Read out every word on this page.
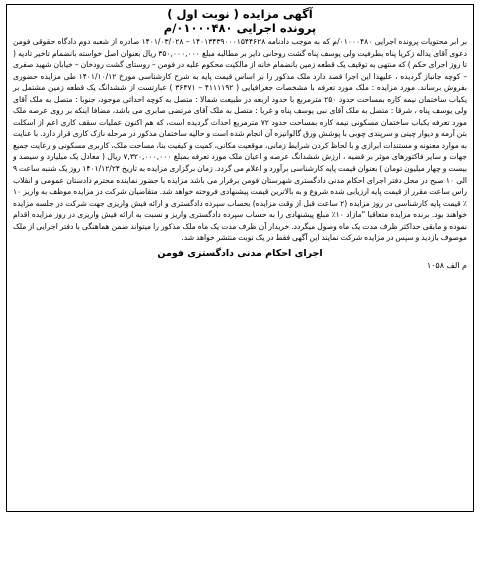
آگهی مزایده ( نوبت اول )
پرونده اجرایی ۰۱۰۰۰۴۸۰/م

بر ابر محتویات پرونده اجرایی ۰۱۰۰۰۴۸۰/م که به موجب دادنامه ۱۴۰۱۳۴۳۹۰۰۰۱۵۴۴۶۲۸ – ۱۴۰۱/۰۳/۰۲۸ صادره از شعبه دوم دادگاه حقوقی فومن دعوی آقای یداله زکریا پناه بطرفیت ولی یوسف پناه گشت روحانی دایر بر مطالبه مبلغ ۳۵۰,۰۰۰,۰۰۰ ریال بعنوان اصل خواسته بانضمام تاخیر تادیه ( تا روز اجرای حکم ) که منتهی به توقیف یک قطعه زمین بانضمام خانه از مالکیت محکوم علیه در فومن – روستای گشت رودخان – خیابان شهید صفری – کوچه جانباز گردیده ، علیهذا این اجرا قصد دارد ملک مذکور را بر اساس قیمت پایه به شرح کارشناسی مورخ ۱۴۰۱/۱۰/۱۲ طی مزایده حضوری بفروش برساند. مورد مزایده : ملک مورد تعرفه با مشخصات جغرافیایی ( ۴۱۱۱۱۹۲ – ۳۶۴۷۱ ) عبارتست از ششدانگ یک قطعه زمین مشتمل بر یکباب ساختمان نیمه کاره بمساحت حدود ۲۵۰ مترمربع با حدود اربعه در طبیعت شمالا : متصل به کوچه احداثی موجود، جنوبا : متصل به ملک آقای ولی یوسف پناه ، شرقا : متصل به ملک آقای نبی یوسف پناه و غربا : متصل به ملک آقای مرتضی صابری می باشد، مضافا اینکه بر روی عرصه ملک مورد تعرفه یکباب ساختمان مسکونی نیمه کاره بمساحت حدود ۷۲ مترمربع احداث گردیده است، که هم اکنون عملیات سقف کاری اعم از اسکلت بتن آرمه و دیوار چینی و سرپندی چوبی با پوشش ورق گالوانیزه آن انجام شده است و حالیه ساختمان مذکور در مرحله نازک کاری قرار دارد. با عنایت به موارد معنونه و مستندات ابرازی و با لحاظ کردن شرایط زمانی، موقعیت مکانی، کمیت و کیفیت بنا، مساحت ملک، کاربری مسکونی و رعایت جمیع جهات و سایر فاکتورهای موثر بر قضیه ، ارزش ششدانگ عرصه و اعیان ملک مورد تعرفه بمبلغ ۷,۳۲۰,۰۰۰,۰۰۰ ریال ( معادل یک میلیارد و سیصد و بیست و چهار میلیون تومان ) بعنوان قیمت پایه کارشناسی برآورد و اعلام می گردد. زمان برگزاری مزایده به تاریخ ۱۴۰۱/۱۲/۲۴ روز یک شنبه ساعت ۹ الی ۱۰ صبح در محل دفتر اجرای احکام مدنی دادگستری شهرستان فومن برقرار می باشد مزایده با حضور نماینده محترم دادستان عمومی و انقلاب راس ساعت مقرر از قیمت پایه ارزیابی شده شروع و به بالاترین قیمت پیشنهادی فروخته خواهد شد. متقاضیان شرکت در مزایده موظف به واریز ۱۰ ٪ قیمت پایه کارشناسی در روز مزایده (۲ ساعت قبل از وقت مزایده) بحساب سپرده دادگستری و ارائه فیش واریزی جهت شرکت در جلسه مزایده خواهند بود. برنده مزایده متعاقبا "مازاد ۱۰٪ مبلغ پیشنهادی را به حساب سپرده دادگستری واریز و نسبت به ارائه فیش واریزی در روز مزایده اقدام نموده و مابقی حداکثر ظرف مدت یک ماه وصول میگردد. خریدار آن ظرف مدت یک ماه ملک مذکور را میتواند ضمن هماهنگی با دفتر اجرایی از ملک موصوف بازدید و سپس در مزایده شرکت نمایند این آگهی فقط در یک نوبت منتشر خواهد شد.

اجرای احکام مدنی دادگستری فومن
م الف ۱۰۵۸
